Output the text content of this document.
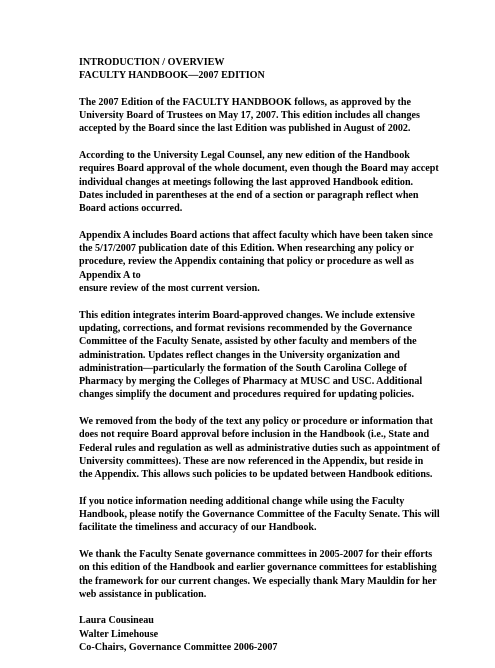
INTRODUCTION / OVERVIEW
FACULTY HANDBOOK—2007 EDITION

The 2007 Edition of the FACULTY HANDBOOK follows, as approved by the
University Board of Trustees on May 17, 2007. This edition includes all changes
accepted by the Board since the last Edition was published in August of 2002.

According to the University Legal Counsel, any new edition of the Handbook
requires Board approval of the whole document, even though the Board may accept
individual changes at meetings following the last approved Handbook edition.
Dates included in parentheses at the end of a section or paragraph reflect when
Board actions occurred.

Appendix A includes Board actions that affect faculty which have been taken since
the 5/17/2007 publication date of this Edition. When researching any policy or
procedure, review the Appendix containing that policy or procedure as well as
Appendix A to
ensure review of the most current version.

This edition integrates interim Board-approved changes. We include extensive
updating, corrections, and format revisions recommended by the Governance
Committee of the Faculty Senate, assisted by other faculty and members of the
administration. Updates reflect changes in the University organization and
administration—particularly the formation of the South Carolina College of
Pharmacy by merging the Colleges of Pharmacy at MUSC and USC. Additional
changes simplify the document and procedures required for updating policies.

We removed from the body of the text any policy or procedure or information that
does not require Board approval before inclusion in the Handbook (i.e., State and
Federal rules and regulation as well as administrative duties such as appointment of
University committees). These are now referenced in the Appendix, but reside in
the Appendix. This allows such policies to be updated between Handbook editions.

If you notice information needing additional change while using the Faculty
Handbook, please notify the Governance Committee of the Faculty Senate. This will
facilitate the timeliness and accuracy of our Handbook.

We thank the Faculty Senate governance committees in 2005-2007 for their efforts
on this edition of the Handbook and earlier governance committees for establishing
the framework for our current changes. We especially thank Mary Mauldin for her
web assistance in publication.

Laura Cousineau
Walter Limehouse
Co-Chairs, Governance Committee 2006-2007
